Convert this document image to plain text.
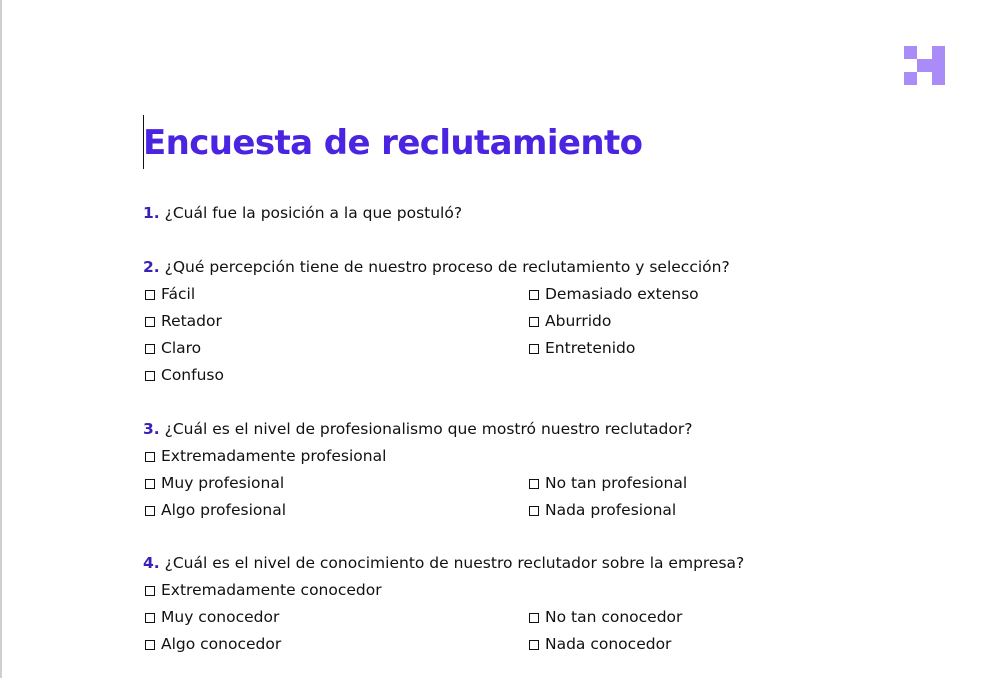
Encuesta de reclutamiento

1. ¿Cuál fue la posición a la que postuló?

2. ¿Qué percepción tiene de nuestro proceso de reclutamiento y selección?

Fácil

Retador

Claro

Confuso

Demasiado extenso

Aburrido

Entretenido

3. ¿Cuál es el nivel de profesionalismo que mostró nuestro reclutador?

Extremadamente profesional

Muy profesional

Algo profesional

No tan profesional

Nada profesional

4. ¿Cuál es el nivel de conocimiento de nuestro reclutador sobre la empresa?

Extremadamente conocedor

Muy conocedor

Algo conocedor

No tan conocedor

Nada conocedor
